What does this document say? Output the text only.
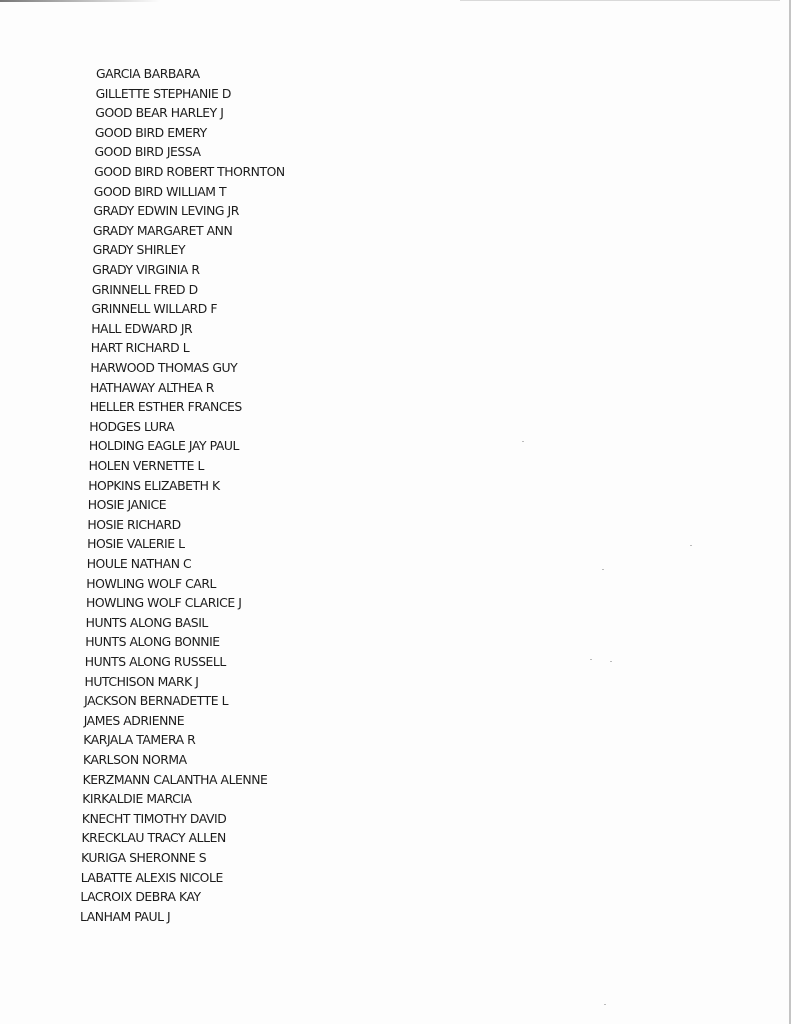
GARCIA BARBARA
GILLETTE STEPHANIE D
GOOD BEAR HARLEY J
GOOD BIRD EMERY
GOOD BIRD JESSA
GOOD BIRD ROBERT THORNTON
GOOD BIRD WILLIAM T
GRADY EDWIN LEVING JR
GRADY MARGARET ANN
GRADY SHIRLEY
GRADY VIRGINIA R
GRINNELL FRED D
GRINNELL WILLARD F
HALL EDWARD JR
HART RICHARD L
HARWOOD THOMAS GUY
HATHAWAY ALTHEA R
HELLER ESTHER FRANCES
HODGES LURA
HOLDING EAGLE JAY PAUL
HOLEN VERNETTE L
HOPKINS ELIZABETH K
HOSIE JANICE
HOSIE RICHARD
HOSIE VALERIE L
HOULE NATHAN C
HOWLING WOLF CARL
HOWLING WOLF CLARICE J
HUNTS ALONG BASIL
HUNTS ALONG BONNIE
HUNTS ALONG RUSSELL
HUTCHISON MARK J
JACKSON BERNADETTE L
JAMES ADRIENNE
KARJALA TAMERA R
KARLSON NORMA
KERZMANN CALANTHA ALENNE
KIRKALDIE MARCIA
KNECHT TIMOTHY DAVID
KRECKLAU TRACY ALLEN
KURIGA SHERONNE S
LABATTE ALEXIS NICOLE
LACROIX DEBRA KAY
LANHAM PAUL J
